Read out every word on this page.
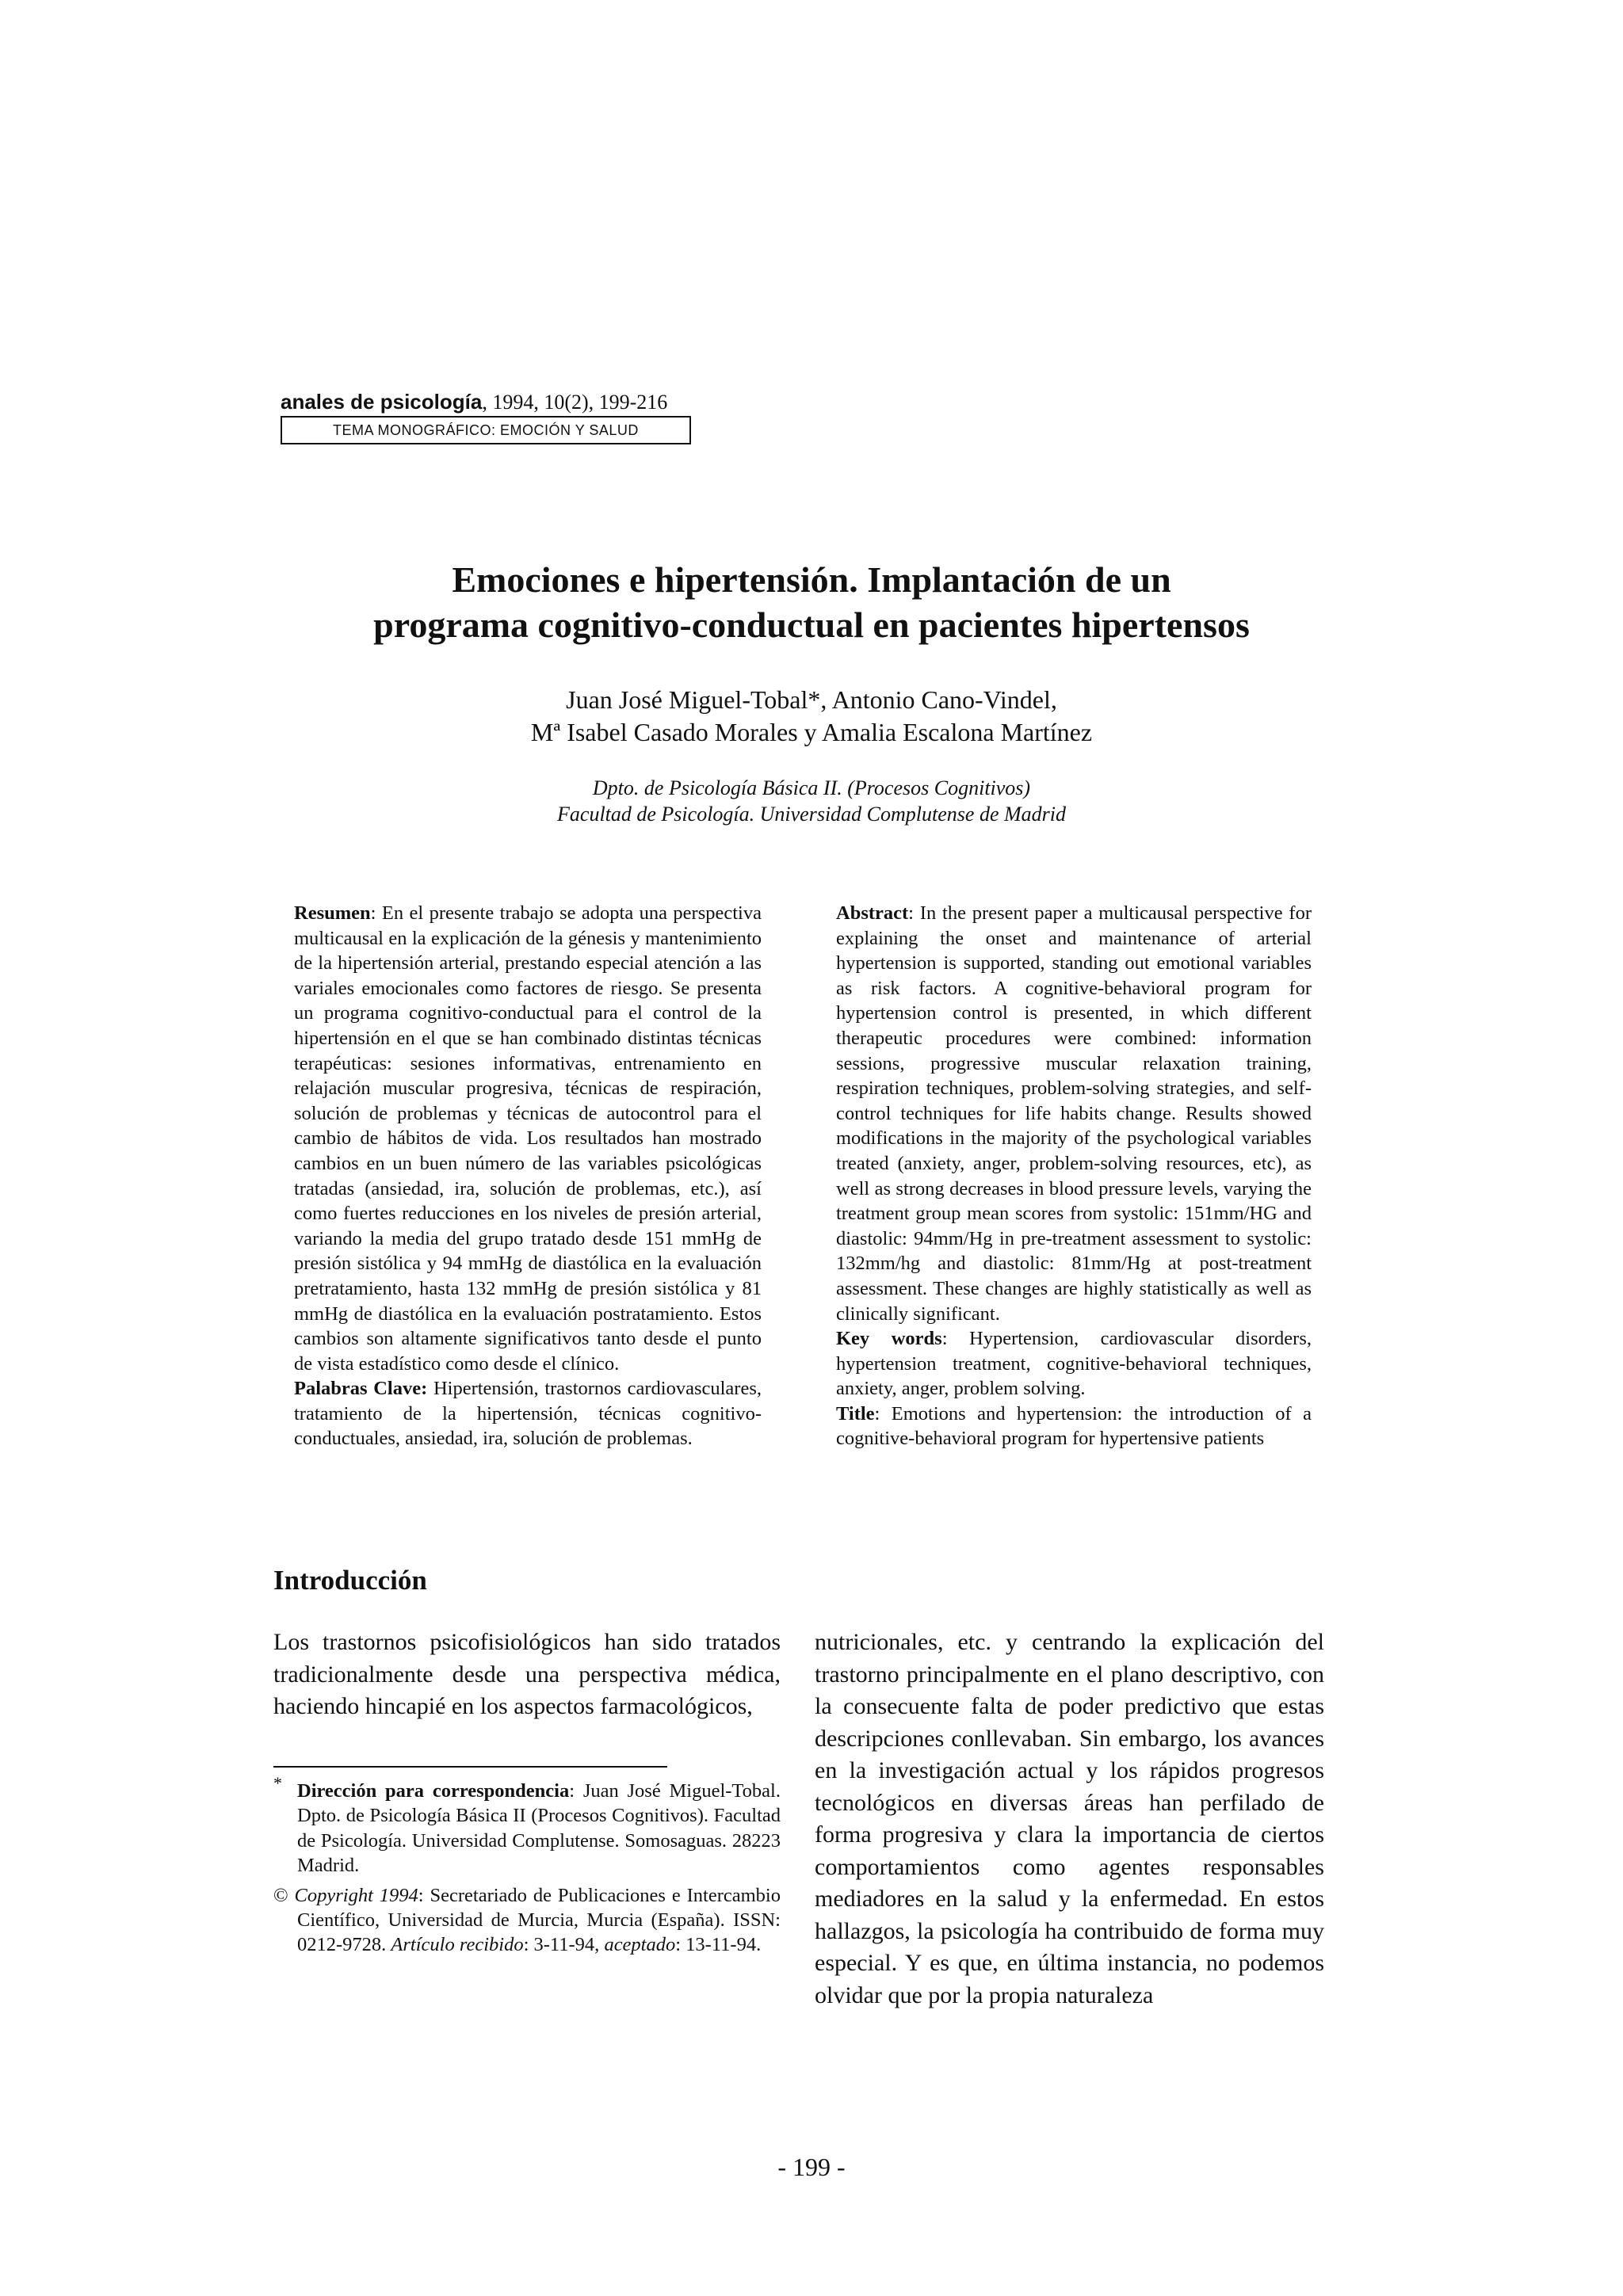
anales de psicología, 1994, 10(2), 199-216
TEMA MONOGRÁFICO: EMOCIÓN Y SALUD
Emociones e hipertensión. Implantación de un
programa cognitivo-conductual en pacientes hipertensos
Juan José Miguel-Tobal*, Antonio Cano-Vindel,
Mª Isabel Casado Morales y Amalia Escalona Martínez
Dpto. de Psicología Básica II. (Procesos Cognitivos)
Facultad de Psicología. Universidad Complutense de Madrid

Resumen: En el presente trabajo se adopta una perspectiva multicausal en la explicación de la génesis y mantenimiento de la hipertensión arterial, prestando especial atención a las variales emocionales como factores de riesgo. Se presenta un programa cognitivo-conductual para el control de la hipertensión en el que se han combinado distintas técnicas terapéuticas: sesiones informativas, entrenamiento en relajación muscular progresiva, técnicas de respiración, solución de problemas y técnicas de autocontrol para el cambio de hábitos de vida. Los resultados han mostrado cambios en un buen número de las variables psicológicas tratadas (ansiedad, ira, solución de problemas, etc.), así como fuertes reducciones en los niveles de presión arterial, variando la media del grupo tratado desde 151 mmHg de presión sistólica y 94 mmHg de diastólica en la evaluación pretratamiento, hasta 132 mmHg de presión sistólica y 81 mmHg de diastólica en la evaluación postratamiento. Estos cambios son altamente significativos tanto desde el punto de vista estadístico como desde el clínico.

Palabras Clave: Hipertensión, trastornos cardiovasculares, tratamiento de la hipertensión, técnicas cognitivo-conductuales, ansiedad, ira, solución de problemas.

Abstract: In the present paper a multicausal perspective for explaining the onset and maintenance of arterial hypertension is supported, standing out emotional variables as risk factors. A cognitive-behavioral program for hypertension control is presented, in which different therapeutic procedures were combined: information sessions, progressive muscular relaxation training, respiration techniques, problem-solving strategies, and self-control techniques for life habits change. Results showed modifications in the majority of the psychological variables treated (anxiety, anger, problem-solving resources, etc), as well as strong decreases in blood pressure levels, varying the treatment group mean scores from systolic: 151mm/HG and diastolic: 94mm/Hg in pre-treatment assessment to systolic: 132mm/hg and diastolic: 81mm/Hg at post-treatment assessment. These changes are highly statistically as well as clinically significant.

Key words: Hypertension, cardiovascular disorders, hypertension treatment, cognitive-behavioral techniques, anxiety, anger, problem solving.

Title: Emotions and hypertension: the introduction of a cognitive-behavioral program for hypertensive patients

Introducción

Los trastornos psicofisiológicos han sido tratados tradicionalmente desde una perspectiva médica, haciendo hincapié en los aspectos farmacológicos,

nutricionales, etc. y centrando la explicación del trastorno principalmente en el plano descriptivo, con la consecuente falta de poder predictivo que estas descripciones conllevaban. Sin embargo, los avances en la investigación actual y los rápidos progresos tecnológicos en diversas áreas han perfilado de forma progresiva y clara la importancia de ciertos comportamientos como agentes responsables mediadores en la salud y la enfermedad. En estos hallazgos, la psicología ha contribuido de forma muy especial. Y es que, en última instancia, no podemos olvidar que por la propia naturaleza

* Dirección para correspondencia: Juan José Miguel-Tobal. Dpto. de Psicología Básica II (Procesos Cognitivos). Facultad de Psicología. Universidad Complutense. Somosaguas. 28223 Madrid.

© Copyright 1994: Secretariado de Publicaciones e Intercambio Científico, Universidad de Murcia, Murcia (España). ISSN: 0212-9728. Artículo recibido: 3-11-94, aceptado: 13-11-94.

- 199 -
